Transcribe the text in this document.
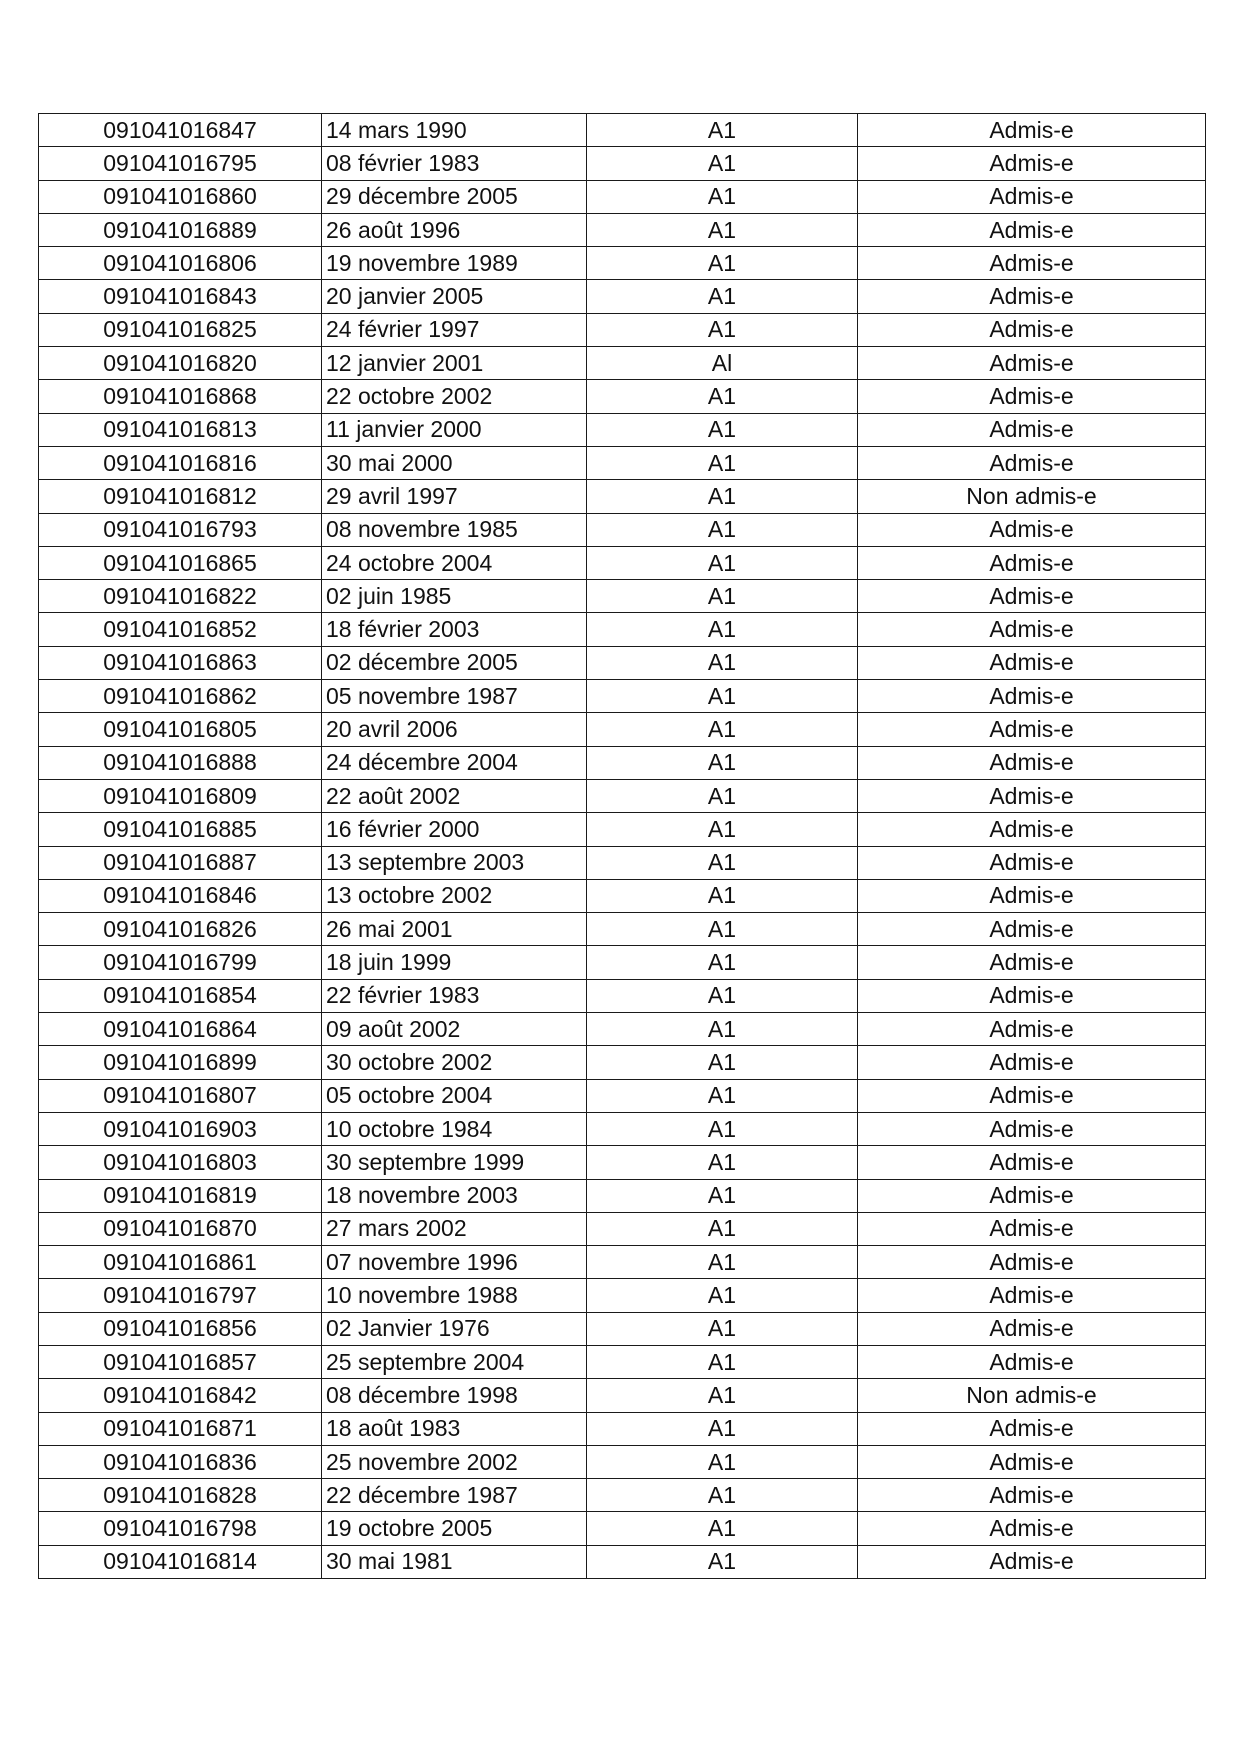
091041016847	14 mars 1990	A1	Admis-e
091041016795	08 février 1983	A1	Admis-e
091041016860	29 décembre 2005	A1	Admis-e
091041016889	26 août 1996	A1	Admis-e
091041016806	19 novembre 1989	A1	Admis-e
091041016843	20 janvier 2005	A1	Admis-e
091041016825	24 février 1997	A1	Admis-e
091041016820	12 janvier 2001	Al	Admis-e
091041016868	22 octobre 2002	A1	Admis-e
091041016813	11 janvier 2000	A1	Admis-e
091041016816	30 mai 2000	A1	Admis-e
091041016812	29 avril 1997	A1	Non admis-e
091041016793	08 novembre 1985	A1	Admis-e
091041016865	24 octobre 2004	A1	Admis-e
091041016822	02 juin 1985	A1	Admis-e
091041016852	18 février 2003	A1	Admis-e
091041016863	02 décembre 2005	A1	Admis-e
091041016862	05 novembre 1987	A1	Admis-e
091041016805	20 avril 2006	A1	Admis-e
091041016888	24 décembre 2004	A1	Admis-e
091041016809	22 août 2002	A1	Admis-e
091041016885	16 février 2000	A1	Admis-e
091041016887	13 septembre 2003	A1	Admis-e
091041016846	13 octobre 2002	A1	Admis-e
091041016826	26 mai 2001	A1	Admis-e
091041016799	18 juin 1999	A1	Admis-e
091041016854	22 février 1983	A1	Admis-e
091041016864	09 août 2002	A1	Admis-e
091041016899	30 octobre 2002	A1	Admis-e
091041016807	05 octobre 2004	A1	Admis-e
091041016903	10 octobre 1984	A1	Admis-e
091041016803	30 septembre 1999	A1	Admis-e
091041016819	18 novembre 2003	A1	Admis-e
091041016870	27 mars 2002	A1	Admis-e
091041016861	07 novembre 1996	A1	Admis-e
091041016797	10 novembre 1988	A1	Admis-e
091041016856	02 Janvier 1976	A1	Admis-e
091041016857	25 septembre 2004	A1	Admis-e
091041016842	08 décembre 1998	A1	Non admis-e
091041016871	18 août 1983	A1	Admis-e
091041016836	25 novembre 2002	A1	Admis-e
091041016828	22 décembre 1987	A1	Admis-e
091041016798	19 octobre 2005	A1	Admis-e
091041016814	30 mai 1981	A1	Admis-e
